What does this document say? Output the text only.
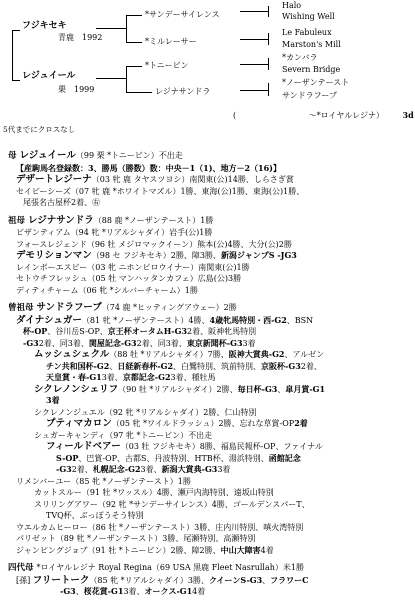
フジキセキ
青鹿　1992
レジュイール
栗　1999
*サンデーサイレンス
*ミルレーサー
*トニービン
レジナサンドラ
Halo
Wishing Well
Le Fabuleux
Marston's Mill
*カンバラ
Severn Bridge
*ノーザンテースト
サンドラフーブ
(	〜*ロイヤルレジナ） 3d
5代までにクロスなし
母 レジュイール（99 栗 *トニービン）不出走
【産駒馬名登録数：3、勝馬（勝数）数：中央－1（1)、地方－2（16)】
デザートレジーナ（03 牝 鹿 タヤスツヨシ）南関東(公)14勝、しらさぎ賞
セイビーシーズ（07 牝 鹿 *ホワイトマズル）1勝、東海(公)1勝、東海(公)1勝、
尾張名古屋杯2着、㊨
祖母 レジナサンドラ（88 鹿 *ノーザンテースト）1勝
ビザンティアム（94 牝 *リアルシャダイ）岩手(公)1勝
フォースレジェンド（96 牡 メジロマックイーン）熊本(公)4勝、大分(公)2勝
デモリションマン（98 セ フジキセキ）2勝、障3勝、新潟ジャンプS -JG3
レインボーエスビー（03 牝 ニホンピロウイナー）南関東(公)1勝
セトウチフレッシュ（05 牡 マンハッタンカフェ）広島(公)3勝
ディティチャーム（06 牝 *シルバーチャーム）1勝
曾祖母 サンドラフーブ（74 鹿 *ヒッティングアウェー）2勝
ダイナシュガー（81 牝 *ノーザンテースト）4勝、4歳牝馬特別・西-G2、BSN
杯-OP、谷川岳S-OP、京王杯オータムH-G32着、阪神牝馬特別
-G32着、同3着、関屋記念-G32着、同3着、東京新聞杯-G33着
ムッシュシェクル（88 牡 *リアルシャダイ）7勝、阪神大賞典-G2、アルゼン
チン共和国杯-G2、日経新春杯-G2、白鷺特別、筑前特別、京阪杯-G32着、
天皇賞・春-G13着、京都記念-G23着、種牡馬
シクレノンシェリフ（90 牡 *リアルシャダイ）2勝、毎日杯-G3、皐月賞-G1
3着
シクレノンジュエル（92 牝 *リアルシャダイ）2勝、仁山特別
プティマカロン（05 牝 *ワイルドラッシュ）2勝、忘れな草賞-OP2着
シュガーキャンディ（97 牝 *トニービン）不出走
フィールドベアー（03 牡 フジキセキ）8勝、福島民報杯-OP、ファイナル
S-OP、巴賞-OP、古都S、丹波特別、HTB杯、湯浜特別、函館記念
-G32着、札幌記念-G23着、新潟大賞典-G33着
リメンバーユー（85 牝 *ノーザンテースト）1勝
カットスルー（91 牡 *ワッスル）4勝、瀬戸内海特別、遠坂山特別
スリリングアワー（92 牝 *サンデーサイレンス）4勝、ゴールデンスパーT、
TVQ杯、ぶっぽうそう特別
ウエルカムヒーロー（86 牡 *ノーザンテースト）3勝、庄内川特別、嗔火湾特別
パリゼット（89 牝 *ノーザンテースト）3勝、尾瀬特別、高瀬特別
ジャンピングジョブ（91 牡 *トニービン）2勝、障2勝、中山大障害4着
四代母 *ロイヤルレジナ Royal Regina（69 USA 黒鹿 Fleet Nasrullah）米1勝
[孫] フリートーク（85 牝 *リアルシャダイ）3勝、クイーンS-G3、フラワーC
-G3、桜花賞-G13着、オークス-G14着
